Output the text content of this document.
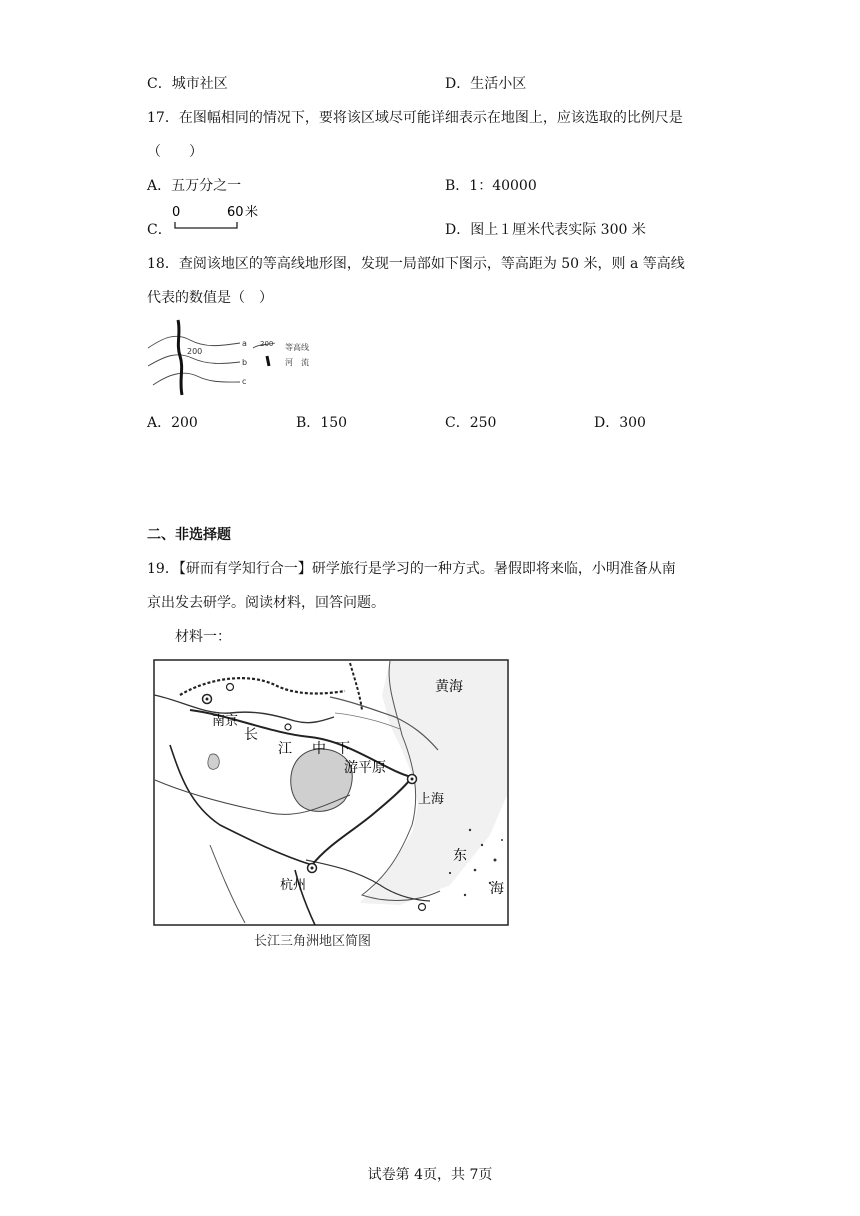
C．城市社区	D．生活小区
17．在图幅相同的情况下，要将该区域尽可能详细表示在地图上，应该选取的比例尺是
（　　）
A．五万分之一	B．1：40000
C．
0	60 米
D．图上１厘米代表实际 300 米
18．查阅该地区的等高线地形图，发现一局部如下图示，等高距为 50 米，则 a 等高线
代表的数值是（　）
200
a
b
c
200 等高线
河　流
A．200	B．150	C．250	D．300
二、非选择题
19．【研而有学知行合一】研学旅行是学习的一种方式。暑假即将来临，小明准备从南
京出发去研学。阅读材料，回答问题。
材料一：
黄海
南京
长
江 中 下
游平原
上海
东
海
杭州
长江三角洲地区简图
试卷第 4页，共 7页
